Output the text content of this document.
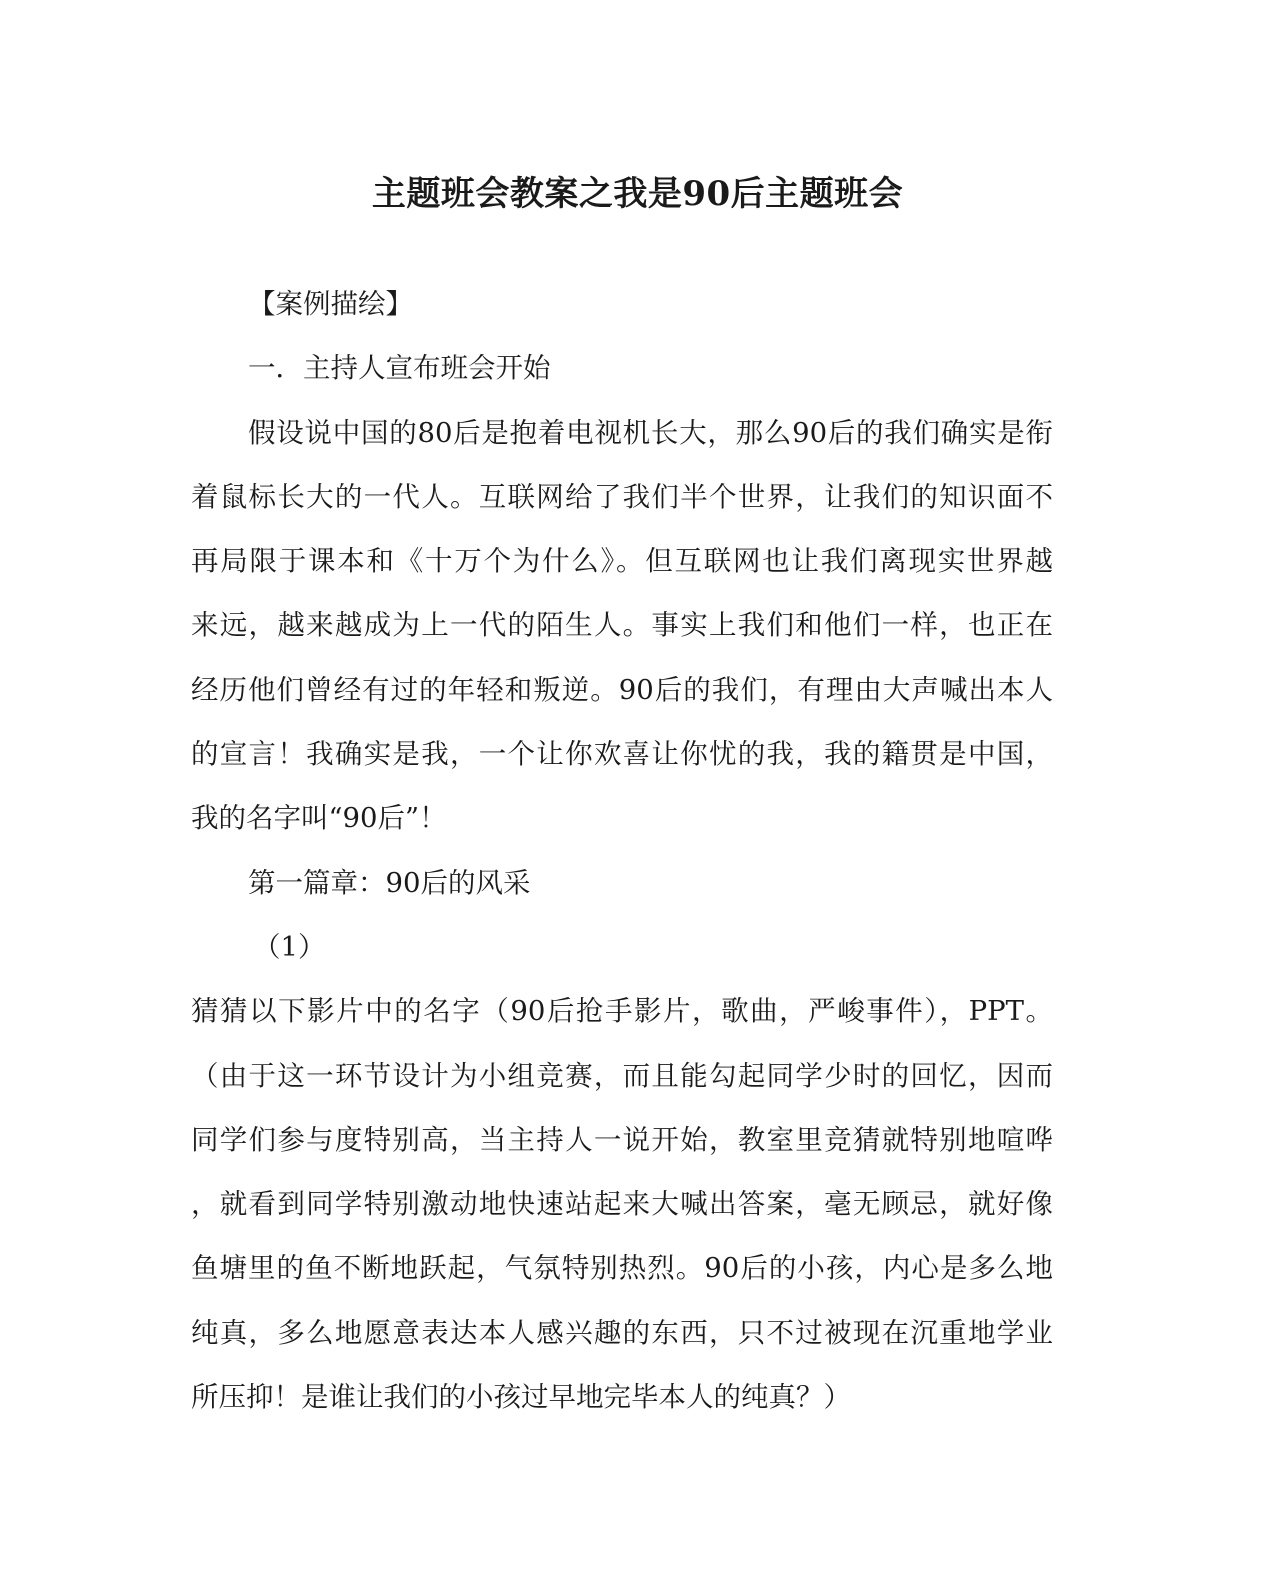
主题班会教案之我是90后主题班会
【案例描绘】
一．主持人宣布班会开始
假设说中国的80后是抱着电视机长大，那么90后的我们确实是衔
着鼠标长大的一代人。互联网给了我们半个世界，让我们的知识面不
再局限于课本和《十万个为什么》。但互联网也让我们离现实世界越
来远，越来越成为上一代的陌生人。事实上我们和他们一样，也正在
经历他们曾经有过的年轻和叛逆。90后的我们，有理由大声喊出本人
的宣言！我确实是我，一个让你欢喜让你忧的我，我的籍贯是中国，
我的名字叫“90后”！
第一篇章：90后的风采
（1）
猜猜以下影片中的名字（90后抢手影片，歌曲，严峻事件），PPT。
（由于这一环节设计为小组竞赛，而且能勾起同学少时的回忆，因而
同学们参与度特别高，当主持人一说开始，教室里竞猜就特别地喧哗
，就看到同学特别激动地快速站起来大喊出答案，毫无顾忌，就好像
鱼塘里的鱼不断地跃起，气氛特别热烈。90后的小孩，内心是多么地
纯真，多么地愿意表达本人感兴趣的东西，只不过被现在沉重地学业
所压抑！是谁让我们的小孩过早地完毕本人的纯真？）
